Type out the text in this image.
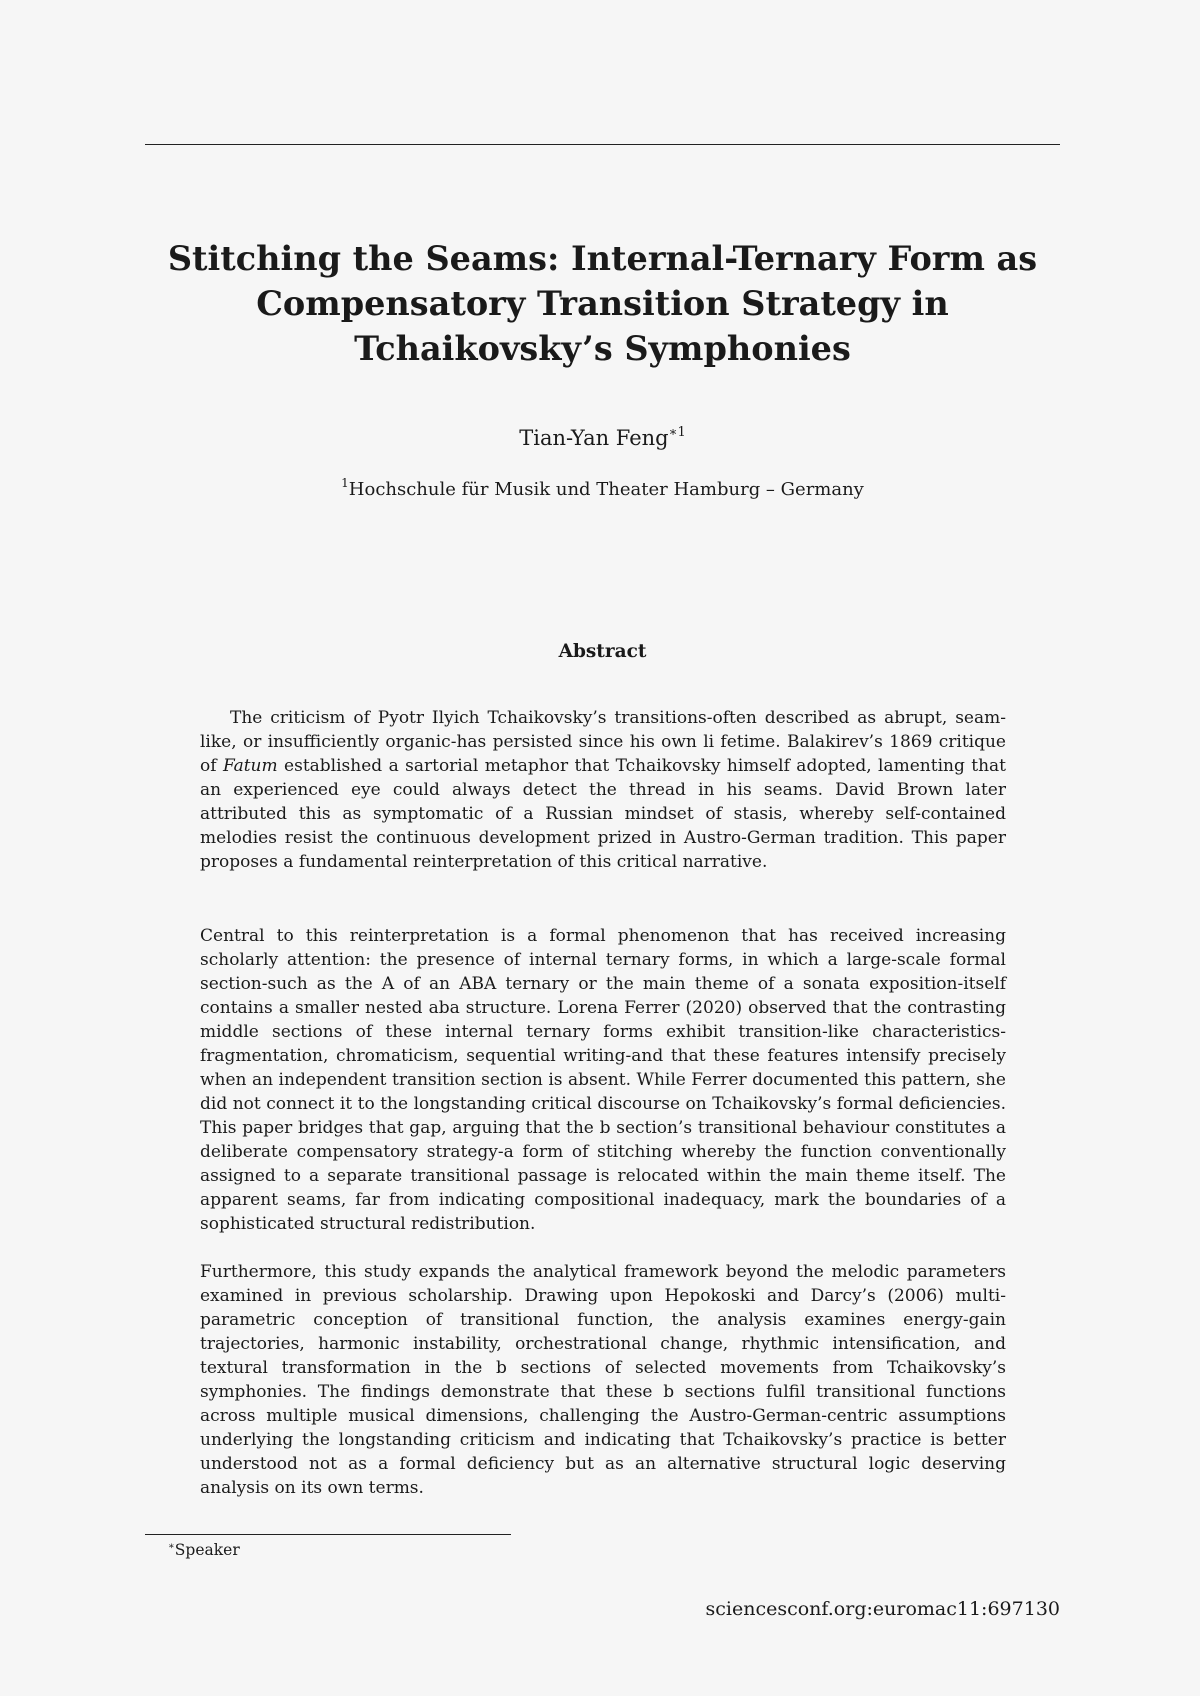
Stitching the Seams: Internal-Ternary Form as Compensatory Transition Strategy in Tchaikovsky’s Symphonies
Tian-Yan Feng$^{∗1}$
$^1$Hochschule für Musik und Theater Hamburg – Germany
Abstract

The criticism of Pyotr Ilyich Tchaikovsky’s transitions-often described as abrupt, seam-like, or insufficiently organic-has persisted since his own li fetime. Balakirev’s 1869 critique of Fatum established a sartorial metaphor that Tchaikovsky himself adopted, lamenting that an experienced eye could always detect the thread in his seams. David Brown later attributed this as symptomatic of a Russian mindset of stasis, whereby self-contained melodies resist the continuous development prized in Austro-German tradition. This paper proposes a fundamental reinterpretation of this critical narrative.

Central to this reinterpretation is a formal phenomenon that has received increasing scholarly attention: the presence of internal ternary forms, in which a large-scale formal section-such as the A of an ABA ternary or the main theme of a sonata exposition-itself contains a smaller nested aba structure. Lorena Ferrer (2020) observed that the contrasting middle sections of these internal ternary forms exhibit transition-like characteristics-fragmentation, chromaticism, sequential writing-and that these features intensify precisely when an independent transition section is absent. While Ferrer documented this pattern, she did not connect it to the longstanding critical discourse on Tchaikovsky’s formal deficiencies. This paper bridges that gap, arguing that the b section’s transitional behaviour constitutes a deliberate compensatory strategy-a form of stitching whereby the function conventionally assigned to a separate transitional passage is relocated within the main theme itself. The apparent seams, far from indicating compositional inadequacy, mark the boundaries of a sophisticated structural redistribution.

Furthermore, this study expands the analytical framework beyond the melodic parameters examined in previous scholarship. Drawing upon Hepokoski and Darcy’s (2006) multi-parametric conception of transitional function, the analysis examines energy-gain trajectories, harmonic instability, orchestrational change, rhythmic intensification, and textural transformation in the b sections of selected movements from Tchaikovsky’s symphonies. The findings demonstrate that these b sections fulfil transitional functions across multiple musical dimensions, challenging the Austro-German-centric assumptions underlying the longstanding criticism and indicating that Tchaikovsky’s practice is better understood not as a formal deficiency but as an alternative structural logic deserving analysis on its own terms.

∗Speaker
sciencesconf.org:euromac11:697130
